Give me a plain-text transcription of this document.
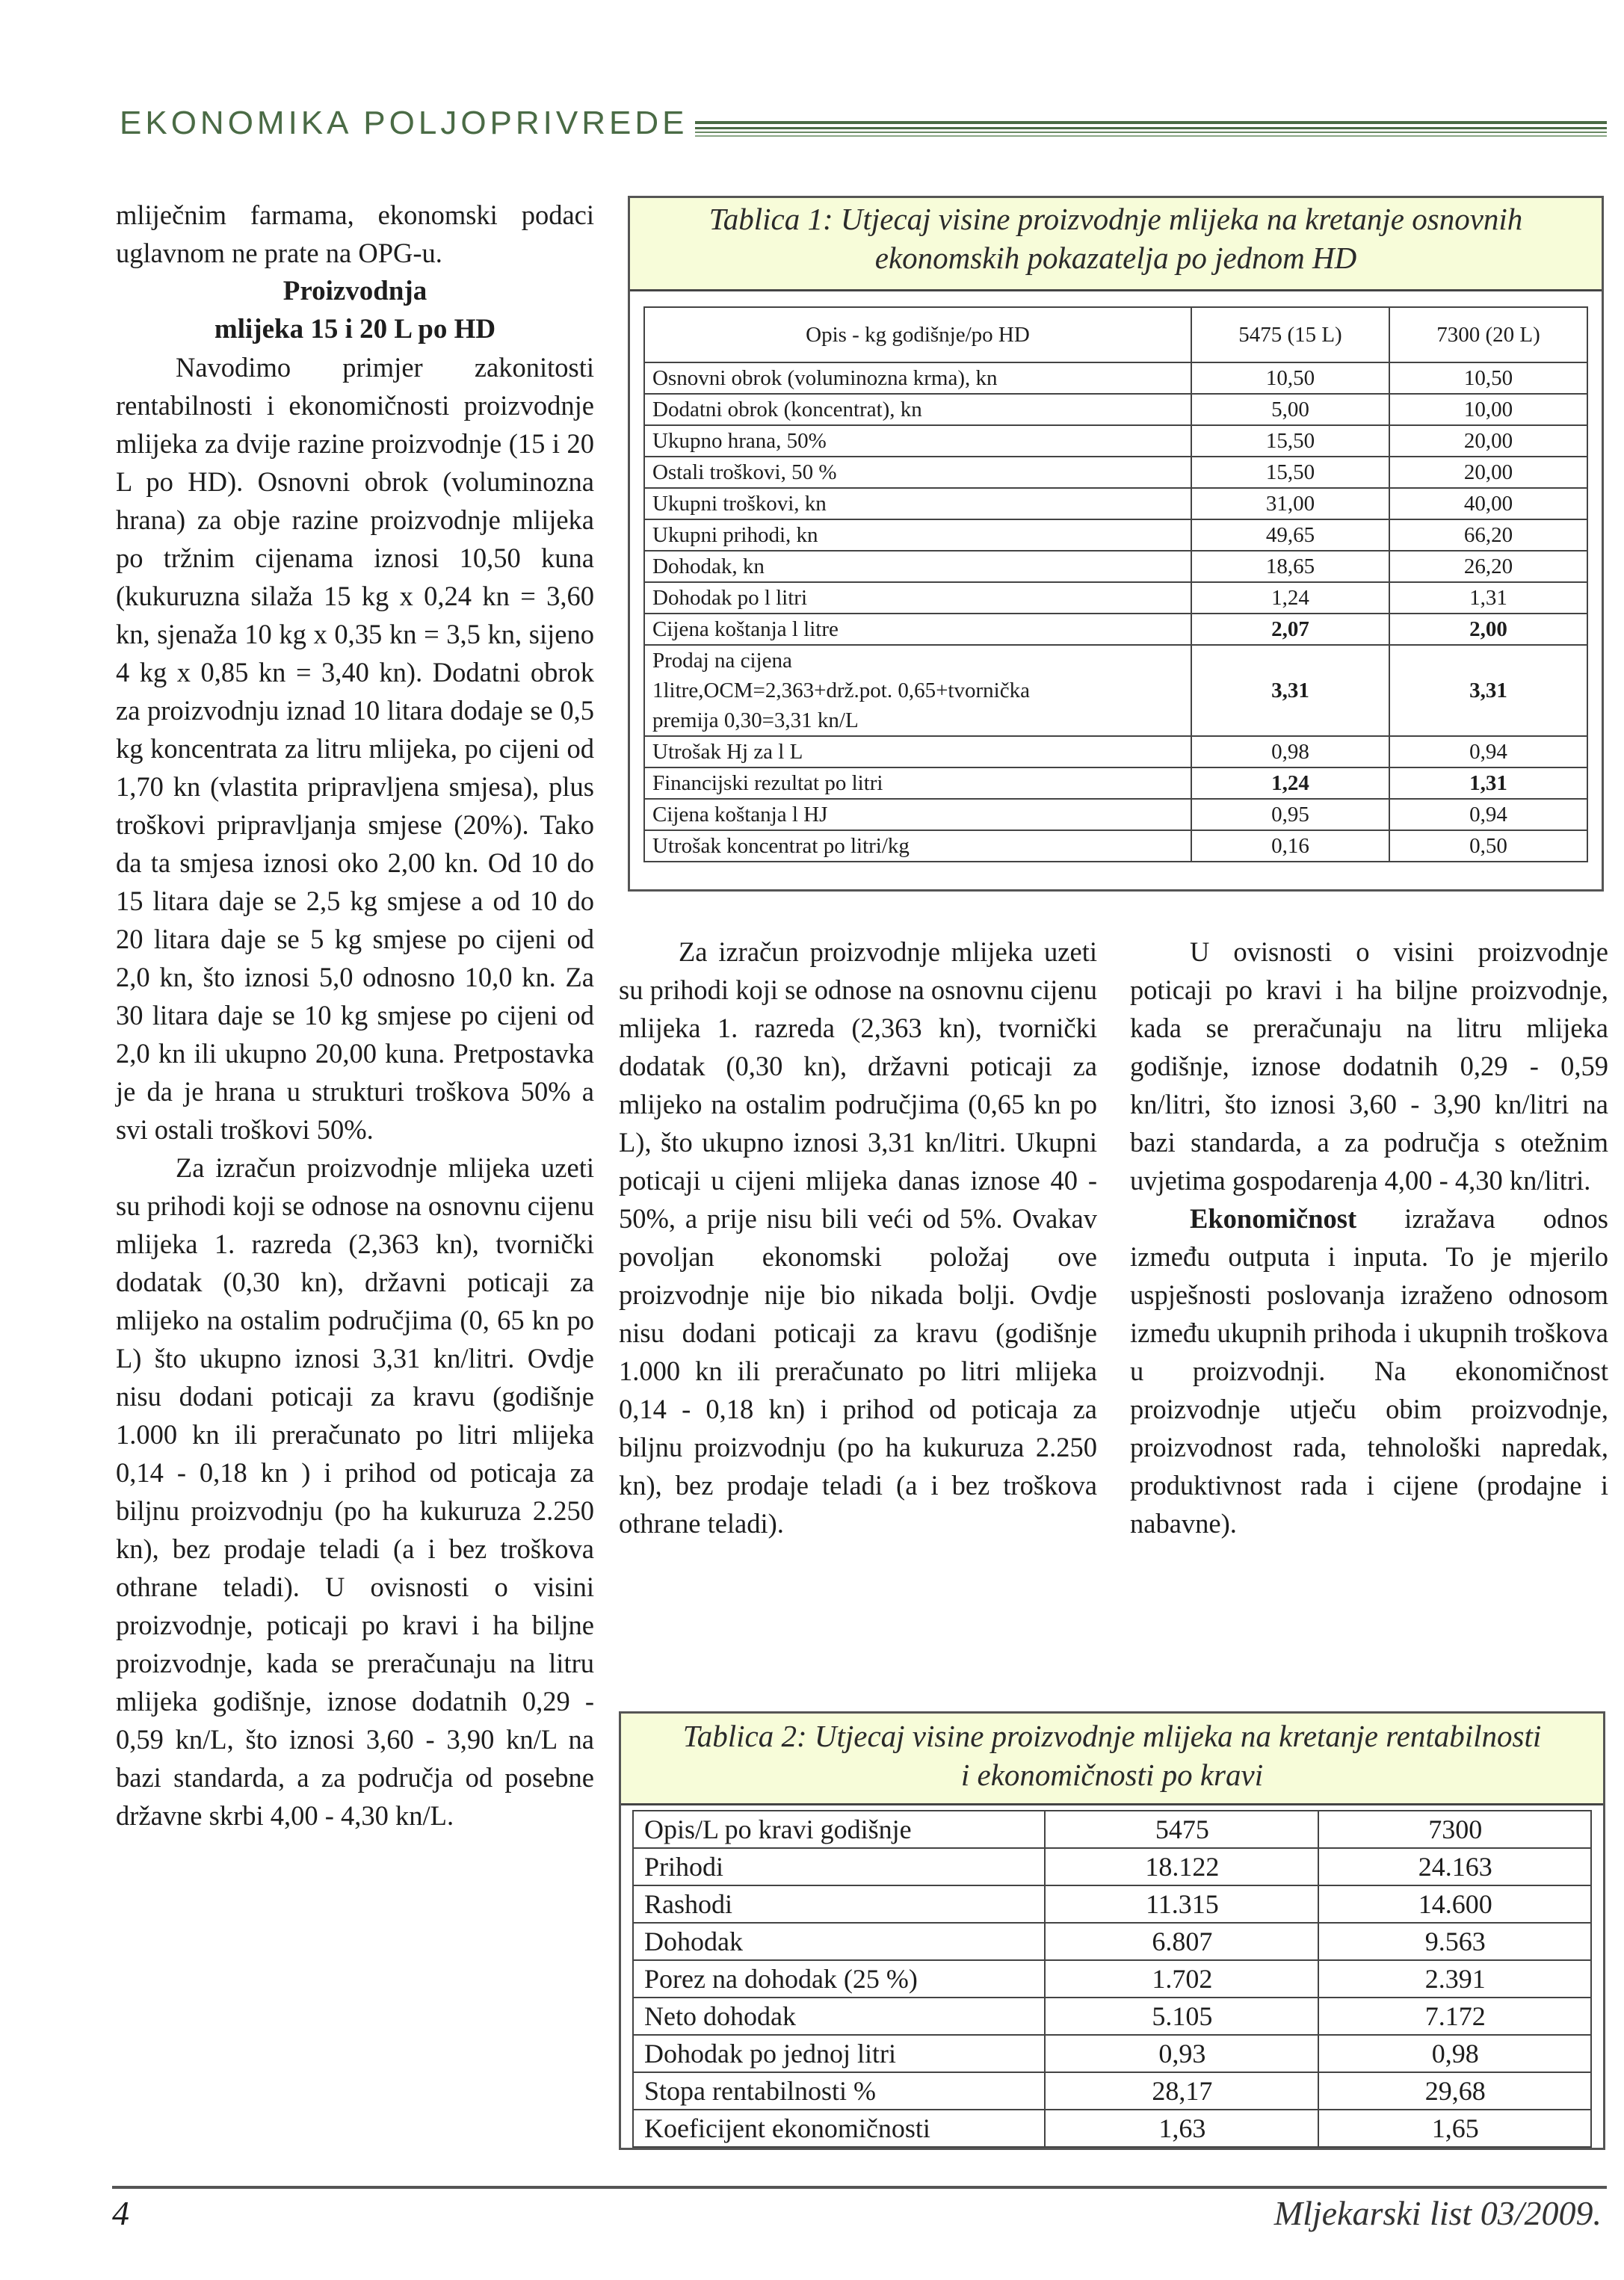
EKONOMIKA POLJOPRIVREDE

mliječnim farmama, ekonomski podaci uglavnom ne prate na OPG-u.

Proizvodnja
mlijeka 15 i 20 L po HD

Navodimo primjer zakonitosti rentabilnosti i ekonomičnosti proizvodnje mlijeka za dvije razine proizvodnje (15 i 20 L po HD). Osnovni obrok (voluminozna hrana) za obje razine proizvodnje mlijeka po tržnim cijenama iznosi 10,50 kuna (kukuruzna silaža 15 kg x 0,24 kn = 3,60 kn, sjenaža 10 kg x 0,35 kn = 3,5 kn, sijeno 4 kg x 0,85 kn = 3,40 kn). Dodatni obrok za proizvodnju iznad 10 litara dodaje se 0,5 kg koncentrata za litru mlijeka, po cijeni od 1,70 kn (vlastita pripravljena smjesa), plus troškovi pripravljanja smjese (20%). Tako da ta smjesa iznosi oko 2,00 kn. Od 10 do 15 litara daje se 2,5 kg smjese a od 10 do 20 litara daje se 5 kg smjese po cijeni od 2,0 kn, što iznosi 5,0 odnosno 10,0 kn. Za 30 litara daje se 10 kg smjese po cijeni od 2,0 kn ili ukupno 20,00 kuna. Pretpostavka je da je hrana u strukturi troškova 50% a svi ostali troškovi 50%.

Za izračun proizvodnje mlijeka uzeti su prihodi koji se odnose na osnovnu cijenu mlijeka 1. razreda (2,363 kn), tvornički dodatak (0,30 kn), državni poticaji za mlijeko na ostalim područjima (0, 65 kn po L) što ukupno iznosi 3,31 kn/litri. Ovdje nisu dodani poticaji za kravu (godišnje 1.000 kn ili preračunato po litri mlijeka 0,14 - 0,18 kn ) i prihod od poticaja za biljnu proizvodnju (po ha kukuruza 2.250 kn), bez prodaje teladi (a i bez troškova othrane teladi). U ovisnosti o visini proizvodnje, poticaji po kravi i ha biljne proizvodnje, kada se preračunaju na litru mlijeka godišnje, iznose dodatnih 0,29 - 0,59 kn/L, što iznosi 3,60 - 3,90 kn/L na bazi standarda, a za područja od posebne državne skrbi 4,00 - 4,30 kn/L.

Tablica 1: Utjecaj visine proizvodnje mlijeka na kretanje osnovnih
ekonomskih pokazatelja po jednom HD
Opis - kg godišnje/po HD	5475 (15 L)	7300 (20 L)
Osnovni obrok (voluminozna krma), kn	10,50	10,50
Dodatni obrok (koncentrat), kn	5,00	10,00
Ukupno hrana, 50%	15,50	20,00
Ostali troškovi, 50 %	15,50	20,00
Ukupni troškovi, kn	31,00	40,00
Ukupni prihodi, kn	49,65	66,20
Dohodak, kn	18,65	26,20
Dohodak po l litri	1,24	1,31
Cijena koštanja l litre	2,07	2,00
Prodaj na cijena		
1litre,OCM=2,363+drž.pot. 0,65+tvornička	3,31	3,31
premija 0,30=3,31 kn/L		
Utrošak Hj za l L	0,98	0,94
Financijski rezultat po litri	1,24	1,31
Cijena koštanja l HJ	0,95	0,94
Utrošak koncentrat po litri/kg	0,16	0,50

Za izračun proizvodnje mlijeka uzeti su prihodi koji se odnose na osnovnu cijenu mlijeka 1. razreda (2,363 kn), tvornički dodatak (0,30 kn), državni poticaji za mlijeko na ostalim područjima (0,65 kn po L), što ukupno iznosi 3,31 kn/litri. Ukupni poticaji u cijeni mlijeka danas iznose 40 - 50%, a prije nisu bili veći od 5%. Ovakav povoljan ekonomski položaj ove proizvodnje nije bio nikada bolji. Ovdje nisu dodani poticaji za kravu (godišnje 1.000 kn ili preračunato po litri mlijeka 0,14 - 0,18 kn) i prihod od poticaja za biljnu proizvodnju (po ha kukuruza 2.250 kn), bez prodaje teladi (a i bez troškova othrane teladi).

U ovisnosti o visini proizvodnje poticaji po kravi i ha biljne proizvodnje, kada se preračunaju na litru mlijeka godišnje, iznose dodatnih 0,29 - 0,59 kn/litri, što iznosi 3,60 - 3,90 kn/litri na bazi standarda, a za područja s otežnim uvjetima gospodarenja 4,00 - 4,30 kn/litri.

Ekonomičnost izražava odnos između outputa i inputa. To je mjerilo uspješnosti poslovanja izraženo odnosom između ukupnih prihoda i ukupnih troškova u proizvodnji. Na ekonomičnost proizvodnje utječu obim proizvodnje, proizvodnost rada, tehnološki napredak, produktivnost rada i cijene (prodajne i nabavne).

Tablica 2: Utjecaj visine proizvodnje mlijeka na kretanje rentabilnosti
i ekonomičnosti po kravi
Opis/L po kravi godišnje	5475	7300
Prihodi	18.122	24.163
Rashodi	11.315	14.600
Dohodak	6.807	9.563
Porez na dohodak (25 %)	1.702	2.391
Neto dohodak	5.105	7.172
Dohodak po jednoj litri	0,93	0,98
Stopa rentabilnosti %	28,17	29,68
Koeficijent ekonomičnosti	1,63	1,65
4	Mljekarski list 03/2009.
